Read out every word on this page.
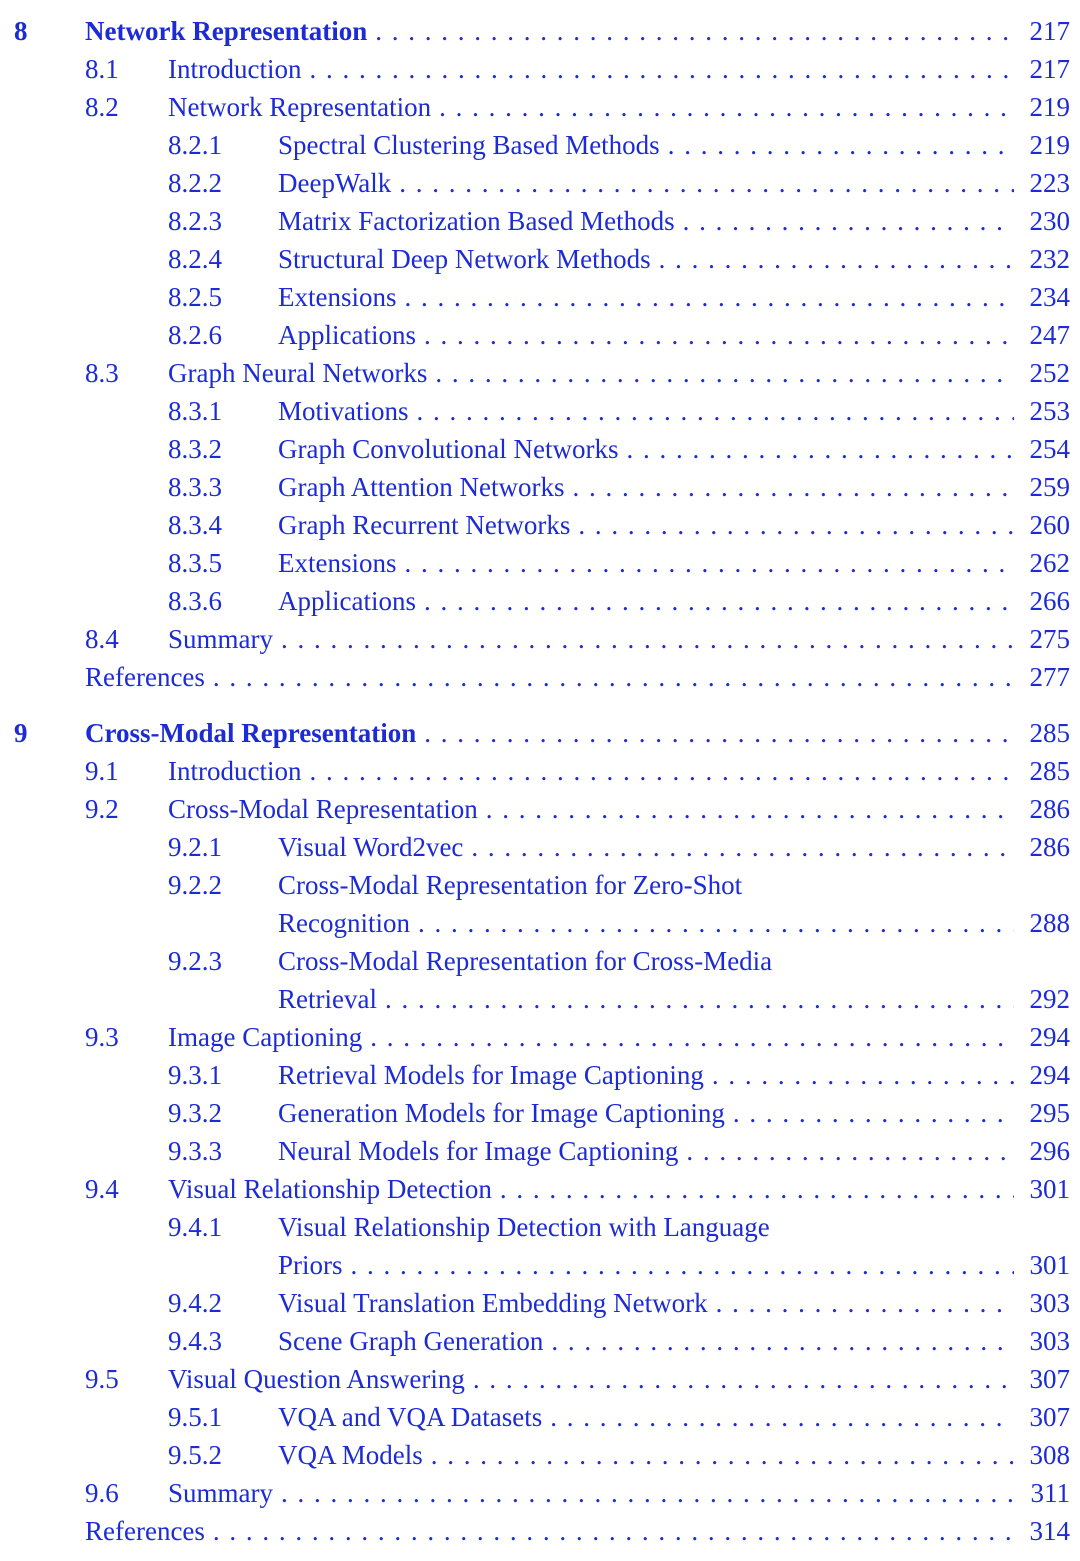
8	Network Representation . . .	217
8.1	Introduction . . .	217
8.2	Network Representation . . .	219
8.2.1	Spectral Clustering Based Methods . . .	219
8.2.2	DeepWalk . . .	223
8.2.3	Matrix Factorization Based Methods . . .	230
8.2.4	Structural Deep Network Methods . . .	232
8.2.5	Extensions . . .	234
8.2.6	Applications . . .	247
8.3	Graph Neural Networks . . .	252
8.3.1	Motivations . . .	253
8.3.2	Graph Convolutional Networks . . .	254
8.3.3	Graph Attention Networks . . .	259
8.3.4	Graph Recurrent Networks . . .	260
8.3.5	Extensions . . .	262
8.3.6	Applications . . .	266
8.4	Summary . . .	275
References . . .	277
9	Cross-Modal Representation . . .	285
9.1	Introduction . . .	285
9.2	Cross-Modal Representation . . .	286
9.2.1	Visual Word2vec . . .	286
9.2.2	Cross-Modal Representation for Zero-Shot
Recognition . . .	288
9.2.3	Cross-Modal Representation for Cross-Media
Retrieval . . .	292
9.3	Image Captioning . . .	294
9.3.1	Retrieval Models for Image Captioning . . .	294
9.3.2	Generation Models for Image Captioning . . .	295
9.3.3	Neural Models for Image Captioning . . .	296
9.4	Visual Relationship Detection . . .	301
9.4.1	Visual Relationship Detection with Language
Priors . . .	301
9.4.2	Visual Translation Embedding Network . . .	303
9.4.3	Scene Graph Generation . . .	303
9.5	Visual Question Answering . . .	307
9.5.1	VQA and VQA Datasets . . .	307
9.5.2	VQA Models . . .	308
9.6	Summary . . .	311
References . . .	314
